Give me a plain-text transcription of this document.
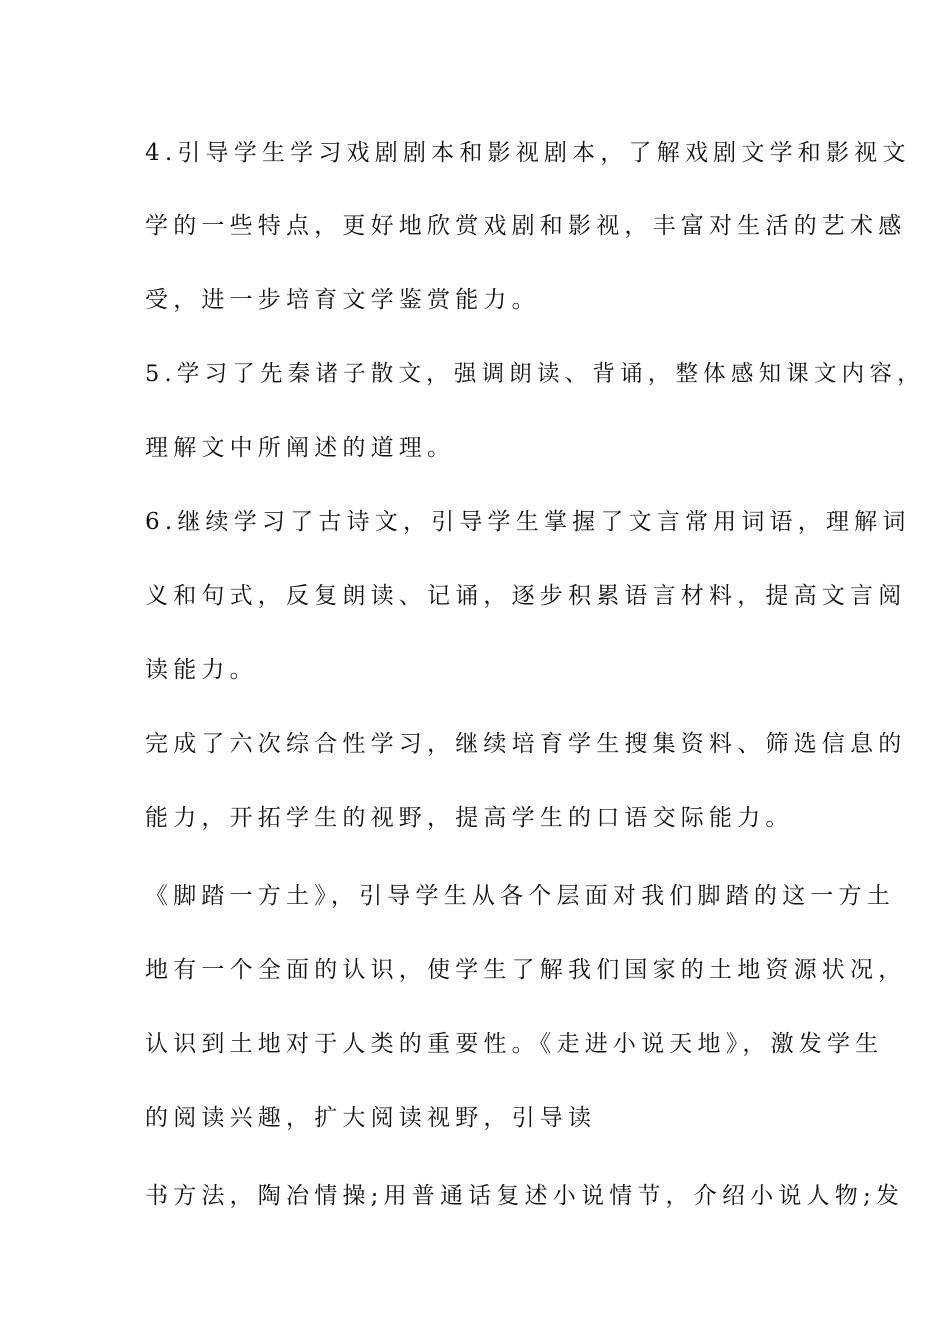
4.引导学生学习戏剧剧本和影视剧本，了解戏剧文学和影视文
学的一些特点，更好地欣赏戏剧和影视，丰富对生活的艺术感
受，进一步培育文学鉴赏能力。
5.学习了先秦诸子散文，强调朗读、背诵，整体感知课文内容，
理解文中所阐述的道理。
6.继续学习了古诗文，引导学生掌握了文言常用词语，理解词
义和句式，反复朗读、记诵，逐步积累语言材料，提高文言阅
读能力。
完成了六次综合性学习，继续培育学生搜集资料、筛选信息的
能力，开拓学生的视野，提高学生的口语交际能力。
《脚踏一方土》，引导学生从各个层面对我们脚踏的这一方土
地有一个全面的认识，使学生了解我们国家的土地资源状况，
认识到土地对于人类的重要性。《走进小说天地》，激发学生
的阅读兴趣，扩大阅读视野，引导读
书方法，陶冶情操;用普通话复述小说情节，介绍小说人物;发
